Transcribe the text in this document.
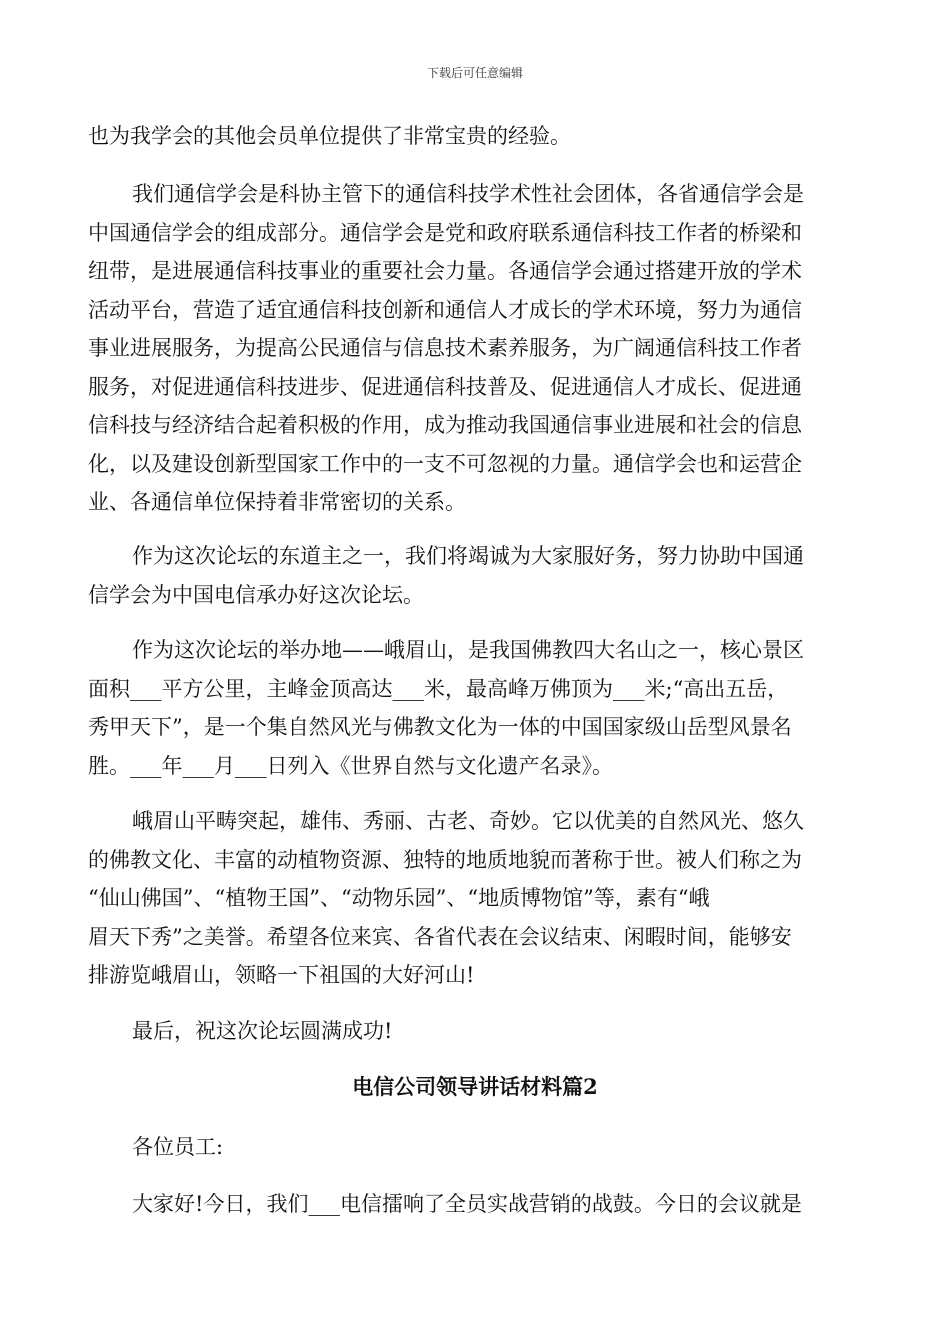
下载后可任意编辑
也为我学会的其他会员单位提供了非常宝贵的经验。
我们通信学会是科协主管下的通信科技学术性社会团体，各省通信学会是
中国通信学会的组成部分。通信学会是党和政府联系通信科技工作者的桥梁和
纽带，是进展通信科技事业的重要社会力量。各通信学会通过搭建开放的学术
活动平台，营造了适宜通信科技创新和通信人才成长的学术环境，努力为通信
事业进展服务，为提高公民通信与信息技术素养服务，为广阔通信科技工作者
服务，对促进通信科技进步、促进通信科技普及、促进通信人才成长、促进通
信科技与经济结合起着积极的作用，成为推动我国通信事业进展和社会的信息
化，以及建设创新型国家工作中的一支不可忽视的力量。通信学会也和运营企
业、各通信单位保持着非常密切的关系。
作为这次论坛的东道主之一，我们将竭诚为大家服好务，努力协助中国通
信学会为中国电信承办好这次论坛。
作为这次论坛的举办地——峨眉山，是我国佛教四大名山之一，核心景区
面积___平方公里，主峰金顶高达___米，最高峰万佛顶为___米;“高出五岳，
秀甲天下”，是一个集自然风光与佛教文化为一体的中国国家级山岳型风景名
胜。___年___月___日列入《世界自然与文化遗产名录》。
峨眉山平畴突起，雄伟、秀丽、古老、奇妙。它以优美的自然风光、悠久
的佛教文化、丰富的动植物资源、独特的地质地貌而著称于世。被人们称之为
“仙山佛国”、“植物王国”、“动物乐园”、“地质博物馆”等，素有“峨
眉天下秀”之美誉。希望各位来宾、各省代表在会议结束、闲暇时间，能够安
排游览峨眉山，领略一下祖国的大好河山!
最后，祝这次论坛圆满成功!
电信公司领导讲话材料篇2
各位员工:
大家好!今日，我们___电信擂响了全员实战营销的战鼓。今日的会议就是
